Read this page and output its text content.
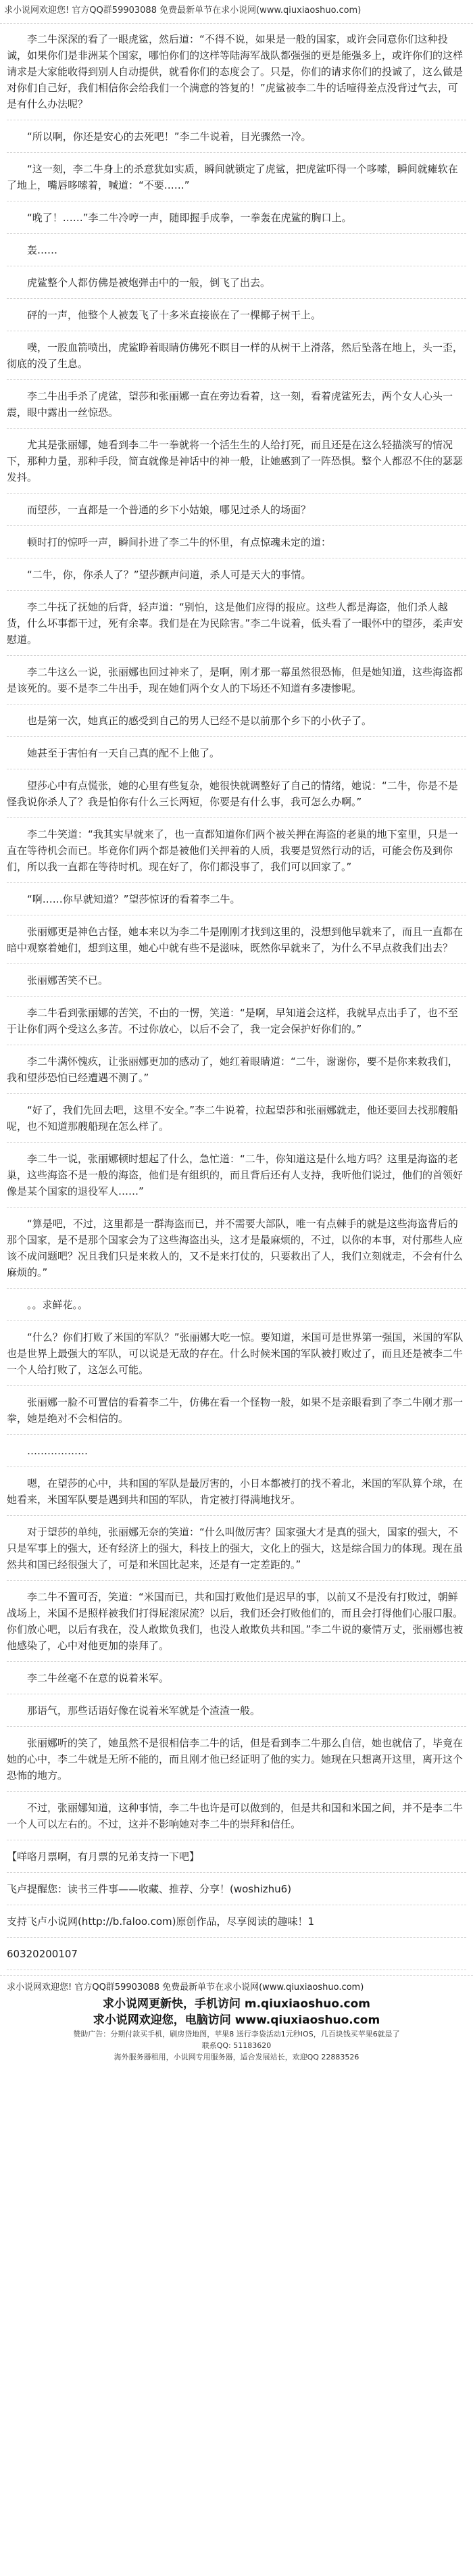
求小说网欢迎您! 官方QQ群59903088 免费最新单节在求小说网(www.qiuxiaoshuo.com)
李二牛深深的看了一眼虎鲨，然后道：“不得不说，如果是一般的国家，或许会同意你们这种投诚，如果你们是非洲某个国家，哪怕你们的这样等陆海军战队都强强的更是能强多上，或许你们的这样请求是大家能收得到别人自动提供，就看你们的态度会了。只是，你们的请求你们的投诚了，这么做是对你们自己好，我们相信你会给我们一个满意的答复的！”虎鲨被李二牛的话噎得差点没背过气去，可是有什么办法呢？
“所以啊，你还是安心的去死吧！”李二牛说着，目光骤然一冷。
“这一刻，李二牛身上的杀意犹如实质，瞬间就锁定了虎鲨，把虎鲨吓得一个哆嗦，瞬间就瘫软在了地上，嘴唇哆嗦着，喊道：“不要……”
“晚了！……”李二牛冷哼一声，随即握手成拳，一拳轰在虎鲨的胸口上。
轰……
虎鲨整个人都仿佛是被炮弹击中的一般，倒飞了出去。
砰的一声，他整个人被轰飞了十多米直接嵌在了一棵椰子树干上。
噗，一股血箭喷出，虎鲨睁着眼睛仿佛死不瞑目一样的从树干上滑落，然后坠落在地上，头一歪，彻底的没了生息。
李二牛出手杀了虎鲨，望莎和张丽娜一直在旁边看着，这一刻，看着虎鲨死去，两个女人心头一震，眼中露出一丝惊恐。
尤其是张丽娜，她看到李二牛一拳就将一个活生生的人给打死，而且还是在这么轻描淡写的情况下，那种力量，那种手段，简直就像是神话中的神一般，让她感到了一阵恐惧。整个人都忍不住的瑟瑟发抖。
而望莎，一直都是一个普通的乡下小姑娘，哪见过杀人的场面？
顿时打的惊呼一声，瞬间扑进了李二牛的怀里，有点惊魂未定的道：
“二牛，你，你杀人了？”望莎颤声问道，杀人可是天大的事情。
李二牛抚了抚她的后背，轻声道：“别怕，这是他们应得的报应。这些人都是海盗，他们杀人越货，什么坏事都干过，死有余辜。我们是在为民除害。”李二牛说着，低头看了一眼怀中的望莎，柔声安慰道。
李二牛这么一说，张丽娜也回过神来了，是啊，刚才那一幕虽然很恐怖，但是她知道，这些海盗都是该死的。要不是李二牛出手，现在她们两个女人的下场还不知道有多凄惨呢。
也是第一次，她真正的感受到自己的男人已经不是以前那个乡下的小伙子了。
她甚至于害怕有一天自己真的配不上他了。
望莎心中有点慌张，她的心里有些复杂，她很快就调整好了自己的情绪，她说：“二牛，你是不是怪我说你杀人了？我是怕你有什么三长两短，你要是有什么事，我可怎么办啊。”
李二牛笑道：“我其实早就来了，也一直都知道你们两个被关押在海盗的老巢的地下室里，只是一直在等待机会而已。毕竟你们两个都是被他们关押着的人质，我要是贸然行动的话，可能会伤及到你们，所以我一直都在等待时机。现在好了，你们都没事了，我们可以回家了。”
“啊……你早就知道？”望莎惊讶的看着李二牛。
张丽娜更是神色古怪，她本来以为李二牛是刚刚才找到这里的，没想到他早就来了，而且一直都在暗中观察着她们，想到这里，她心中就有些不是滋味，既然你早就来了，为什么不早点救我们出去？
张丽娜苦笑不已。
李二牛看到张丽娜的苦笑，不由的一愣，笑道：“是啊，早知道会这样，我就早点出手了，也不至于让你们两个受这么多苦。不过你放心，以后不会了，我一定会保护好你们的。”
李二牛满怀愧疚，让张丽娜更加的感动了，她红着眼睛道：“二牛，谢谢你，要不是你来救我们，我和望莎恐怕已经遭遇不测了。”
“好了，我们先回去吧，这里不安全。”李二牛说着，拉起望莎和张丽娜就走，他还要回去找那艘船呢，也不知道那艘船现在怎么样了。
李二牛一说，张丽娜顿时想起了什么，急忙道：“二牛，你知道这是什么地方吗？这里是海盗的老巢，这些海盗不是一般的海盗，他们是有组织的，而且背后还有人支持，我听他们说过，他们的首领好像是某个国家的退役军人……”
“算是吧，不过，这里都是一群海盗而已，并不需要大部队，唯一有点棘手的就是这些海盗背后的那个国家，是不是那个国家会为了这些海盗出头，这才是最麻烦的，不过，以你的本事，对付那些人应该不成问题吧？况且我们只是来救人的，又不是来打仗的，只要救出了人，我们立刻就走，不会有什么麻烦的。”
。。求鲜花。。
“什么？你们打败了米国的军队？”张丽娜大吃一惊。要知道，米国可是世界第一强国，米国的军队也是世界上最强大的军队，可以说是无敌的存在。什么时候米国的军队被打败过了，而且还是被李二牛一个人给打败了，这怎么可能。
张丽娜一脸不可置信的看着李二牛，仿佛在看一个怪物一般，如果不是亲眼看到了李二牛刚才那一拳，她是绝对不会相信的。
………………
嗯，在望莎的心中，共和国的军队是最厉害的，小日本都被打的找不着北，米国的军队算个球，在她看来，米国军队要是遇到共和国的军队，肯定被打得满地找牙。
对于望莎的单纯，张丽娜无奈的笑道：“什么叫做厉害？国家强大才是真的强大，国家的强大，不只是军事上的强大，还有经济上的强大，科技上的强大，文化上的强大，这是综合国力的体现。现在虽然共和国已经很强大了，可是和米国比起来，还是有一定差距的。”
李二牛不置可否，笑道：“米国而已，共和国打败他们是迟早的事，以前又不是没有打败过，朝鲜战场上，米国不是照样被我们打得屁滚尿流？以后，我们还会打败他们的，而且会打得他们心服口服。你们放心吧，以后有我在，没人敢欺负我们，也没人敢欺负共和国。”李二牛说的豪情万丈，张丽娜也被他感染了，心中对他更加的崇拜了。
李二牛丝毫不在意的说着米军。
那语气，那些话语好像在说着米军就是个渣渣一般。
张丽娜听的笑了，她虽然不是很相信李二牛的话，但是看到李二牛那么自信，她也就信了，毕竟在她的心中，李二牛就是无所不能的，而且刚才他已经证明了他的实力。她现在只想离开这里，离开这个恐怖的地方。
不过，张丽娜知道，这种事情，李二牛也许是可以做到的，但是共和国和米国之间，并不是李二牛一个人可以左右的。不过，这并不影响她对李二牛的崇拜和信任。
【咩咯月票啊，有月票的兄弟支持一下吧】
飞卢提醒您：读书三件事——收藏、推荐、分享！(woshizhu6)
支持飞卢小说网(http://b.faloo.com)原创作品，尽享阅读的趣味！1
60320200107
求小说网欢迎您! 官方QQ群59903088 免费最新单节在求小说网(www.qiuxiaoshuo.com)
求小说网更新快，手机访问 m.qiuxiaoshuo.com
求小说网欢迎您，电脑访问 www.qiuxiaoshuo.com
赞助广告：分期付款买手机，刷房贷地图，苹果8 送行李袋活动1元秒IOS，几百块钱买苹果6就是了
联系QQ: 51183620
海外服务器租用，小说网专用服务器，适合发展站长，欢迎QQ 22883526
